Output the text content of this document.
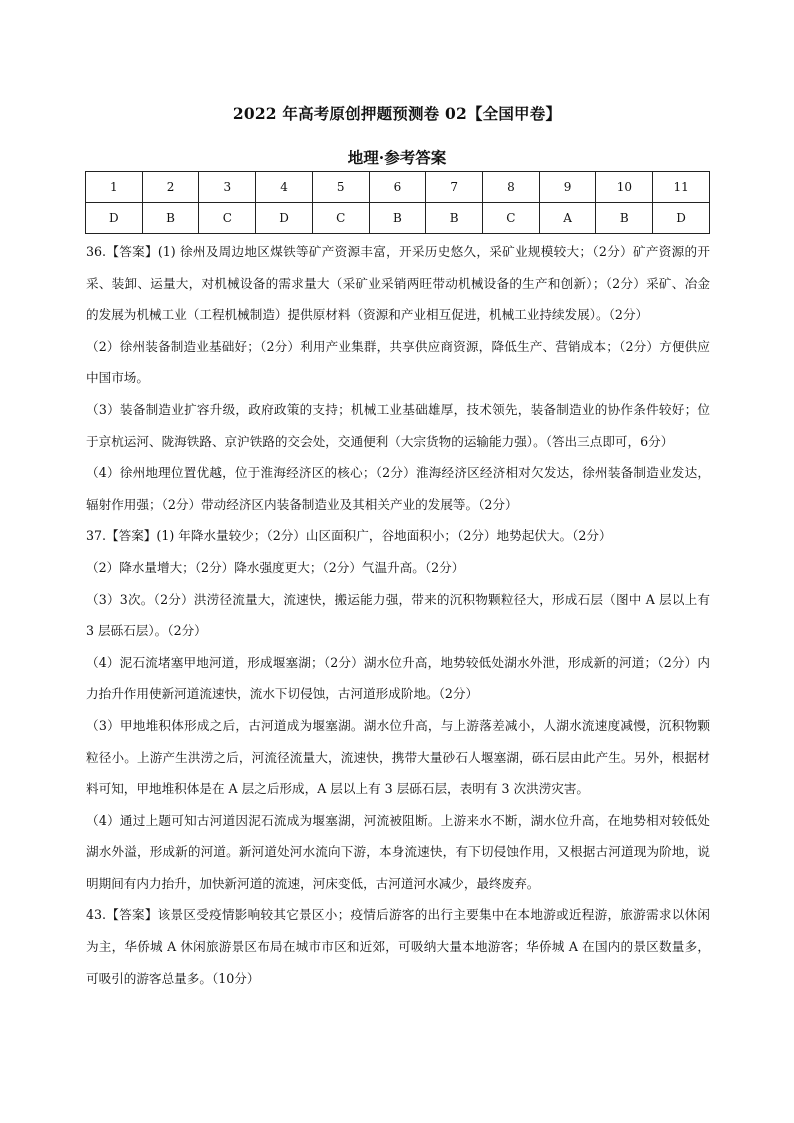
2022 年高考原创押题预测卷 02【全国甲卷】
地理·参考答案
1	2	3	4	5	6	7	8	9	10	11
D	B	C	D	C	B	B	C	A	B	D

36.【答案】(1) 徐州及周边地区煤铁等矿产资源丰富，开采历史悠久，采矿业规模较大；（2分）矿产资源的开采、装卸、运量大，对机械设备的需求量大（采矿业采销两旺带动机械设备的生产和创新）；（2分）采矿、冶金的发展为机械工业（工程机械制造）提供原材料（资源和产业相互促进，机械工业持续发展）。（2分）

（2）徐州装备制造业基础好；（2分）利用产业集群，共享供应商资源，降低生产、营销成本；（2分）方便供应中国市场。

（3）装备制造业扩容升级，政府政策的支持；机械工业基础雄厚，技术领先，装备制造业的协作条件较好；位于京杭运河、陇海铁路、京沪铁路的交会处，交通便利（大宗货物的运输能力强）。（答出三点即可，6分）

（4）徐州地理位置优越，位于淮海经济区的核心；（2分）淮海经济区经济相对欠发达，徐州装备制造业发达，辐射作用强；（2分）带动经济区内装备制造业及其相关产业的发展等。（2分）

37.【答案】(1) 年降水量较少；（2分）山区面积广，谷地面积小；（2分）地势起伏大。（2分）

（2）降水量增大；（2分）降水强度更大；（2分）气温升高。（2分）

（3）3次。（2分）洪涝径流量大，流速快，搬运能力强，带来的沉积物颗粒径大，形成石层（图中 A 层以上有 3 层砾石层）。（2分）

（4）泥石流堵塞甲地河道，形成堰塞湖；（2分）湖水位升高，地势较低处湖水外泄，形成新的河道；（2分）内力抬升作用使新河道流速快，流水下切侵蚀，古河道形成阶地。（2分）

（3）甲地堆积体形成之后，古河道成为堰塞湖。湖水位升高，与上游落差减小，人湖水流速度减慢，沉积物颗粒径小。上游产生洪涝之后，河流径流量大，流速快，携带大量砂石人堰塞湖，砾石层由此产生。另外，根据材料可知，甲地堆积体是在 A 层之后形成，A 层以上有 3 层砾石层，表明有 3 次洪涝灾害。

（4）通过上题可知古河道因泥石流成为堰塞湖，河流被阻断。上游来水不断，湖水位升高，在地势相对较低处湖水外溢，形成新的河道。新河道处河水流向下游，本身流速快，有下切侵蚀作用，又根据古河道现为阶地，说明期间有内力抬升，加快新河道的流速，河床变低，古河道河水减少，最终废弃。

43.【答案】该景区受疫情影响较其它景区小；疫情后游客的出行主要集中在本地游或近程游，旅游需求以休闲为主，华侨城 A 休闲旅游景区布局在城市市区和近郊，可吸纳大量本地游客；华侨城 A 在国内的景区数量多，可吸引的游客总量多。（10分）
